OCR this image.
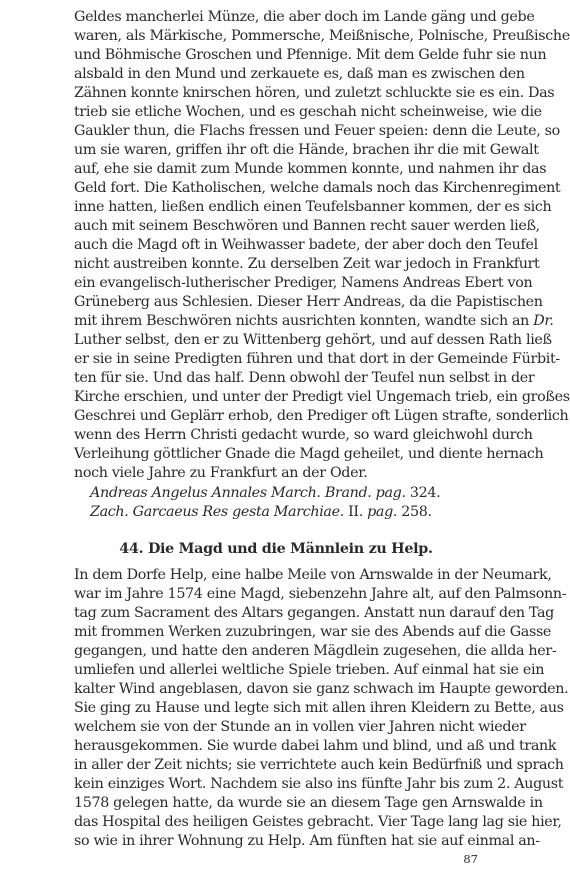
Geldes mancherlei Münze, die aber doch im Lande gäng und gebe
waren, als Märkische, Pommersche, Meißnische, Polnische, Preußische
und Böhmische Groschen und Pfennige. Mit dem Gelde fuhr sie nun
alsbald in den Mund und zerkauete es, daß man es zwischen den
Zähnen konnte knirschen hören, und zuletzt schluckte sie es ein. Das
trieb sie etliche Wochen, und es geschah nicht scheinweise, wie die
Gaukler thun, die Flachs fressen und Feuer speien: denn die Leute, so
um sie waren, griffen ihr oft die Hände, brachen ihr die mit Gewalt
auf, ehe sie damit zum Munde kommen konnte, und nahmen ihr das
Geld fort. Die Katholischen, welche damals noch das Kirchenregiment
inne hatten, ließen endlich einen Teufelsbanner kommen, der es sich
auch mit seinem Beschwören und Bannen recht sauer werden ließ,
auch die Magd oft in Weihwasser badete, der aber doch den Teufel
nicht austreiben konnte. Zu derselben Zeit war jedoch in Frankfurt
ein evangelisch-lutherischer Prediger, Namens Andreas Ebert von
Grüneberg aus Schlesien. Dieser Herr Andreas, da die Papistischen
mit ihrem Beschwören nichts ausrichten konnten, wandte sich an Dr.
Luther selbst, den er zu Wittenberg gehört, und auf dessen Rath ließ
er sie in seine Predigten führen und that dort in der Gemeinde Fürbit-
ten für sie. Und das half. Denn obwohl der Teufel nun selbst in der
Kirche erschien, und unter der Predigt viel Ungemach trieb, ein großes
Geschrei und Geplärr erhob, den Prediger oft Lügen strafte, sonderlich
wenn des Herrn Christi gedacht wurde, so ward gleichwohl durch
Verleihung göttlicher Gnade die Magd geheilet, und diente hernach
noch viele Jahre zu Frankfurt an der Oder.
Andreas Angelus Annales March. Brand. pag. 324.
Zach. Garcaeus Res gesta Marchiae. II. pag. 258.
44. Die Magd und die Männlein zu Help.
In dem Dorfe Help, eine halbe Meile von Arnswalde in der Neumark,
war im Jahre 1574 eine Magd, siebenzehn Jahre alt, auf den Palmsonn-
tag zum Sacrament des Altars gegangen. Anstatt nun darauf den Tag
mit frommen Werken zuzubringen, war sie des Abends auf die Gasse
gegangen, und hatte den anderen Mägdlein zugesehen, die allda her-
umliefen und allerlei weltliche Spiele trieben. Auf einmal hat sie ein
kalter Wind angeblasen, davon sie ganz schwach im Haupte geworden.
Sie ging zu Hause und legte sich mit allen ihren Kleidern zu Bette, aus
welchem sie von der Stunde an in vollen vier Jahren nicht wieder
herausgekommen. Sie wurde dabei lahm und blind, und aß und trank
in aller der Zeit nichts; sie verrichtete auch kein Bedürfniß und sprach
kein einziges Wort. Nachdem sie also ins fünfte Jahr bis zum 2. August
1578 gelegen hatte, da wurde sie an diesem Tage gen Arnswalde in
das Hospital des heiligen Geistes gebracht. Vier Tage lang lag sie hier,
so wie in ihrer Wohnung zu Help. Am fünften hat sie auf einmal an-
87
